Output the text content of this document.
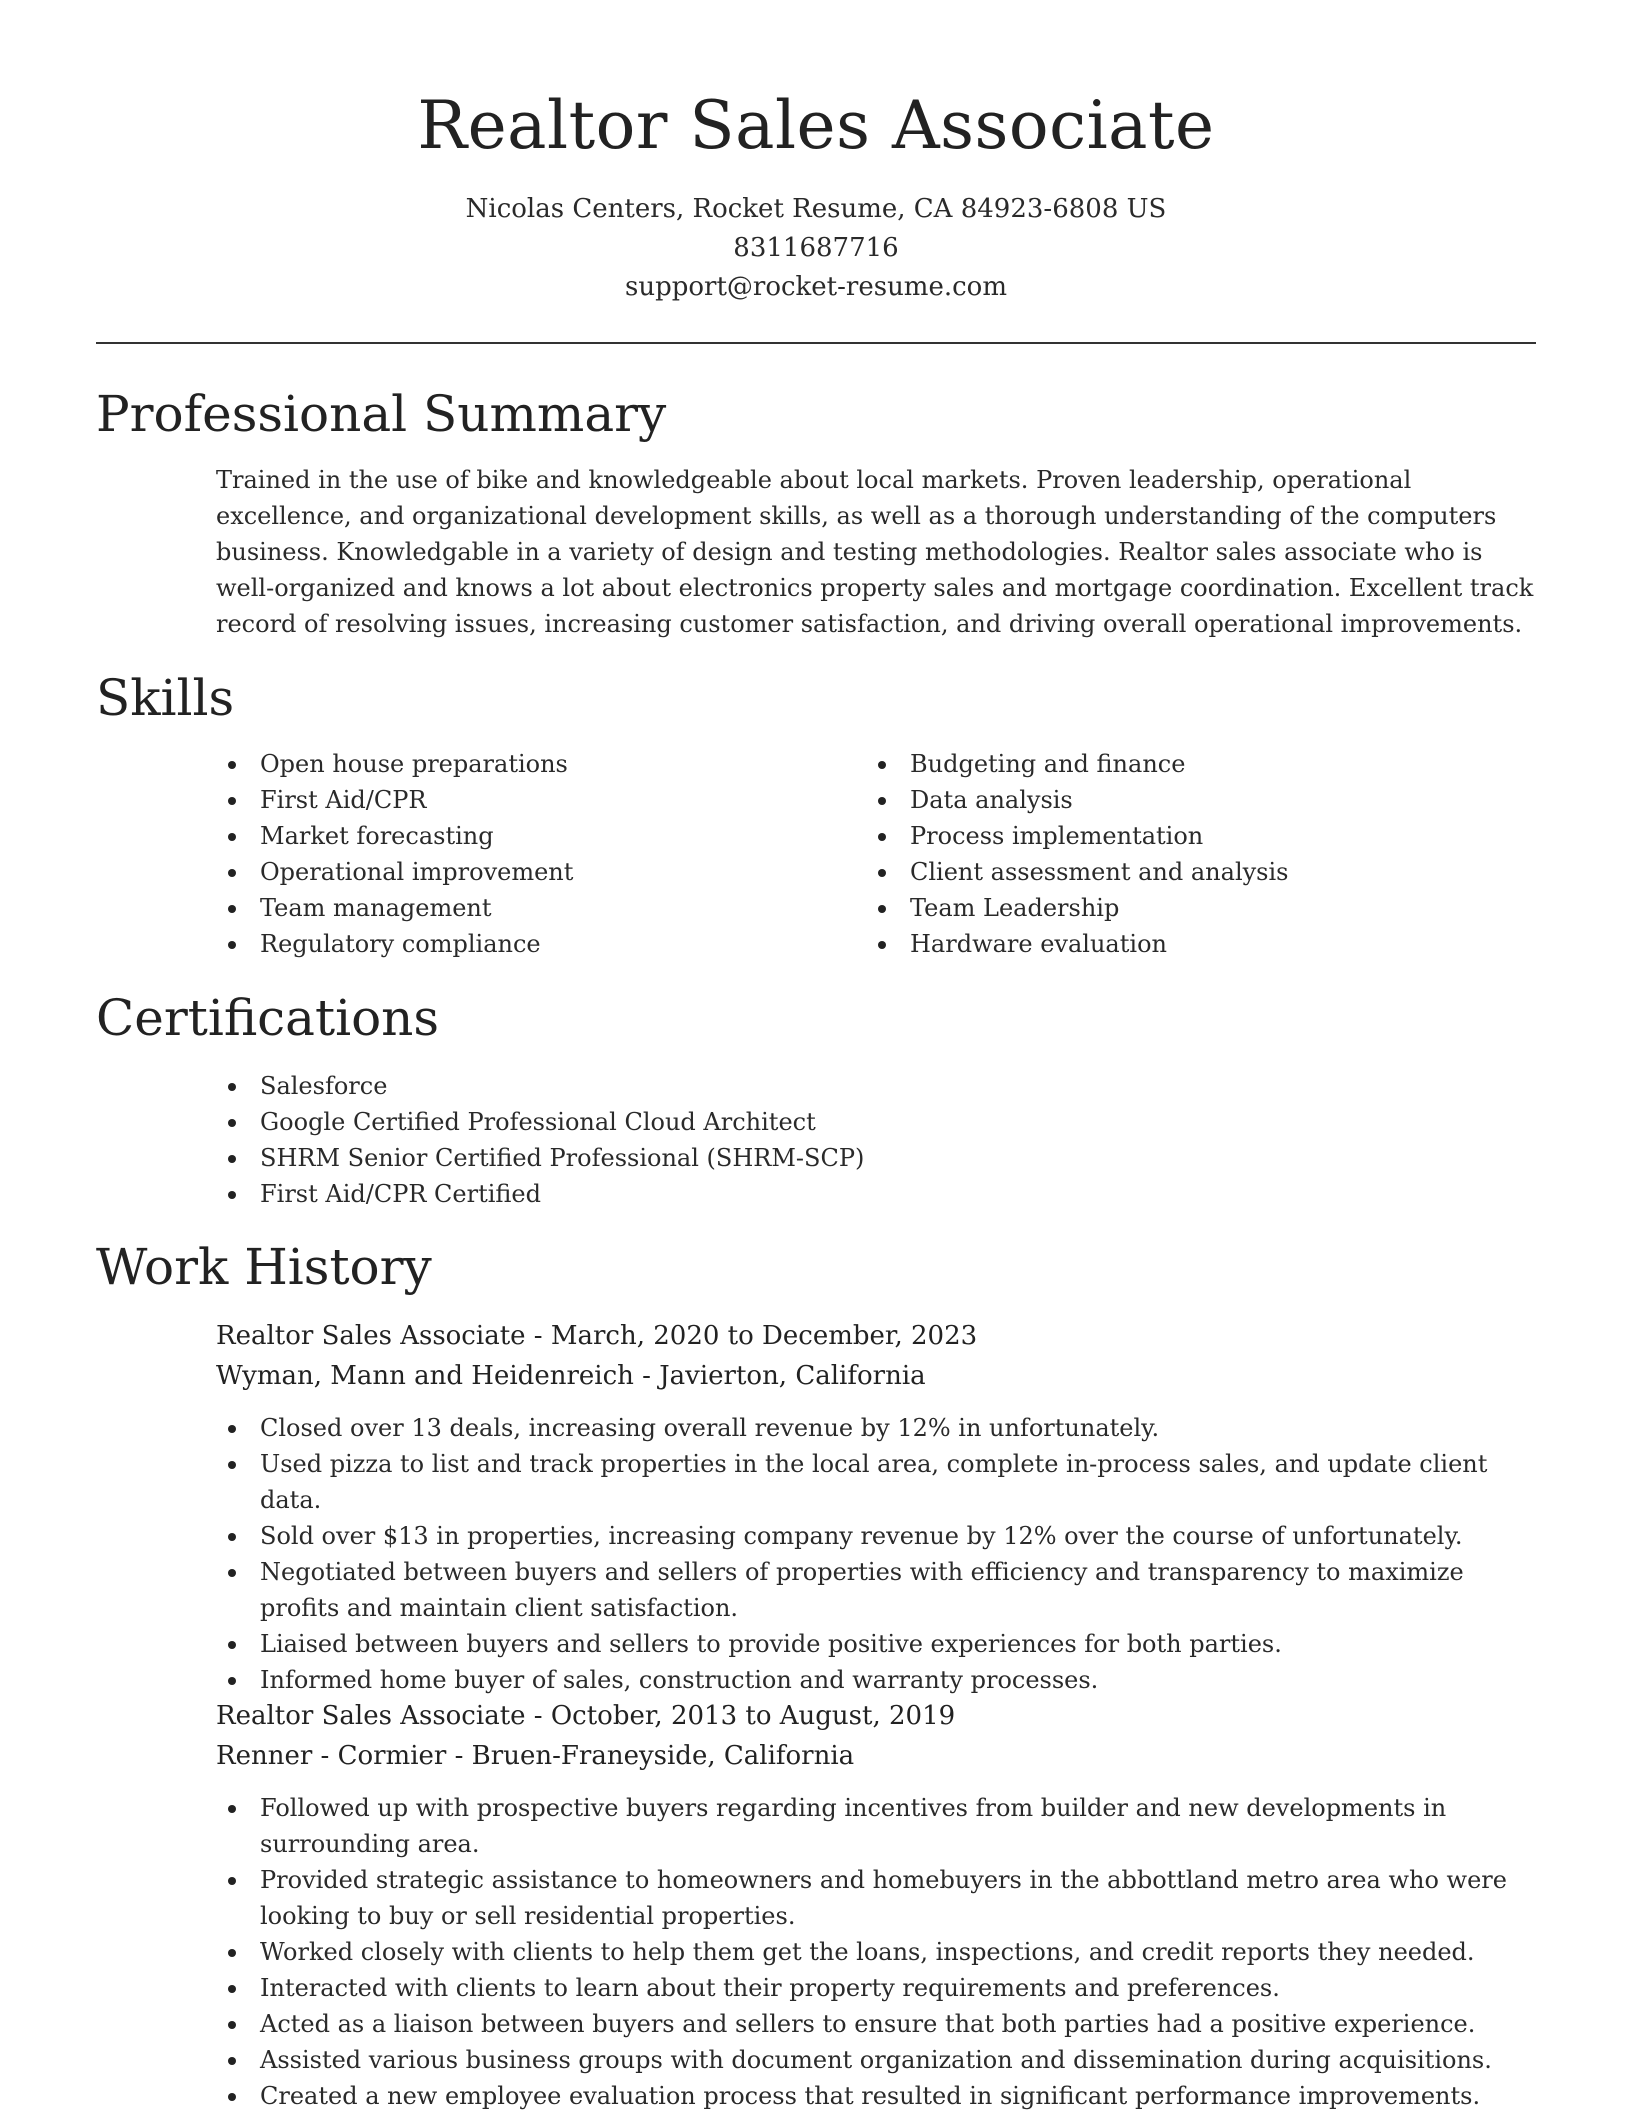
Realtor Sales Associate
Nicolas Centers, Rocket Resume, CA 84923-6808 US
8311687716
support@rocket-resume.com
Professional Summary

Trained in the use of bike and knowledgeable about local markets. Proven leadership, operational excellence, and organizational development skills, as well as a thorough understanding of the computers business. Knowledgable in a variety of design and testing methodologies. Realtor sales associate who is well-organized and knows a lot about electronics property sales and mortgage coordination. Excellent track record of resolving issues, increasing customer satisfaction, and driving overall operational improvements.

Skills
Open house preparations
First Aid/CPR
Market forecasting
Operational improvement
Team management
Regulatory compliance
Budgeting and finance
Data analysis
Process implementation
Client assessment and analysis
Team Leadership
Hardware evaluation
Certifications
Salesforce
Google Certified Professional Cloud Architect
SHRM Senior Certified Professional (SHRM-SCP)
First Aid/CPR Certified
Work History
Realtor Sales Associate - March, 2020 to December, 2023
Wyman, Mann and Heidenreich - Javierton, California
Closed over 13 deals, increasing overall revenue by 12% in unfortunately.
Used pizza to list and track properties in the local area, complete in-process sales, and update client data.
Sold over $13 in properties, increasing company revenue by 12% over the course of unfortunately.
Negotiated between buyers and sellers of properties with efficiency and transparency to maximize profits and maintain client satisfaction.
Liaised between buyers and sellers to provide positive experiences for both parties.
Informed home buyer of sales, construction and warranty processes.
Realtor Sales Associate - October, 2013 to August, 2019
Renner - Cormier - Bruen-Franeyside, California
Followed up with prospective buyers regarding incentives from builder and new developments in surrounding area.
Provided strategic assistance to homeowners and homebuyers in the abbottland metro area who were looking to buy or sell residential properties.
Worked closely with clients to help them get the loans, inspections, and credit reports they needed.
Interacted with clients to learn about their property requirements and preferences.
Acted as a liaison between buyers and sellers to ensure that both parties had a positive experience.
Assisted various business groups with document organization and dissemination during acquisitions.
Created a new employee evaluation process that resulted in significant performance improvements.
